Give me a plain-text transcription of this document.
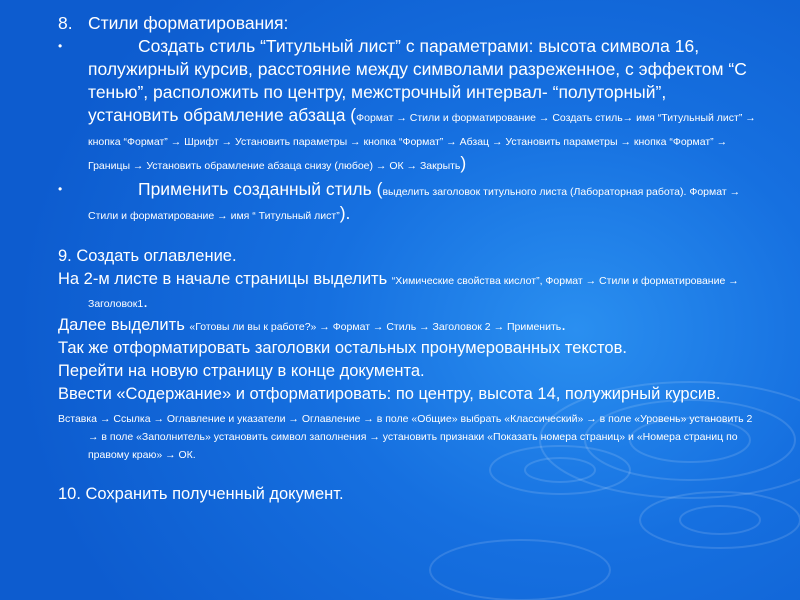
8. Стили форматирования:

•	Создать стиль “Титульный лист” с параметрами: высота символа 16, полужирный курсив, расстояние между символами разреженное, с эффектом “С тенью”, расположить по центру, межстрочный интервал- “полуторный”, установить обрамление абзаца (Формат → Стили и форматирование → Создать стиль→ имя “Титульный лист” → кнопка “Формат” → Шрифт → Установить параметры → кнопка “Формат” → Абзац → Установить параметры → кнопка “Формат” → Границы → Установить обрамление абзаца снизу (любое) → ОК → Закрыть)

•	Применить созданный стиль (выделить заголовок титульного листа (Лабораторная работа). Формат → Стили и форматирование → имя “ Титульный лист”).

9. Создать оглавление.

На 2-м листе в начале страницы выделить “Химические свойства кислот”, Формат → Стили и форматирование → Заголовок1.

Далее выделить «Готовы ли вы к работе?» → Формат → Стиль → Заголовок 2 → Применить.

Так же отформатировать заголовки остальных пронумерованных текстов.

Перейти на новую страницу в конце документа.

Ввести «Содержание» и отформатировать: по центру, высота 14, полужирный курсив.

Вставка → Ссылка → Оглавление и указатели → Оглавление → в поле «Общие» выбрать «Классический» → в поле «Уровень» установить 2 → в поле «Заполнитель» установить символ заполнения → установить признаки «Показать номера страниц» и «Номера страниц по правому краю» → ОК.

10. Сохранить полученный документ.
